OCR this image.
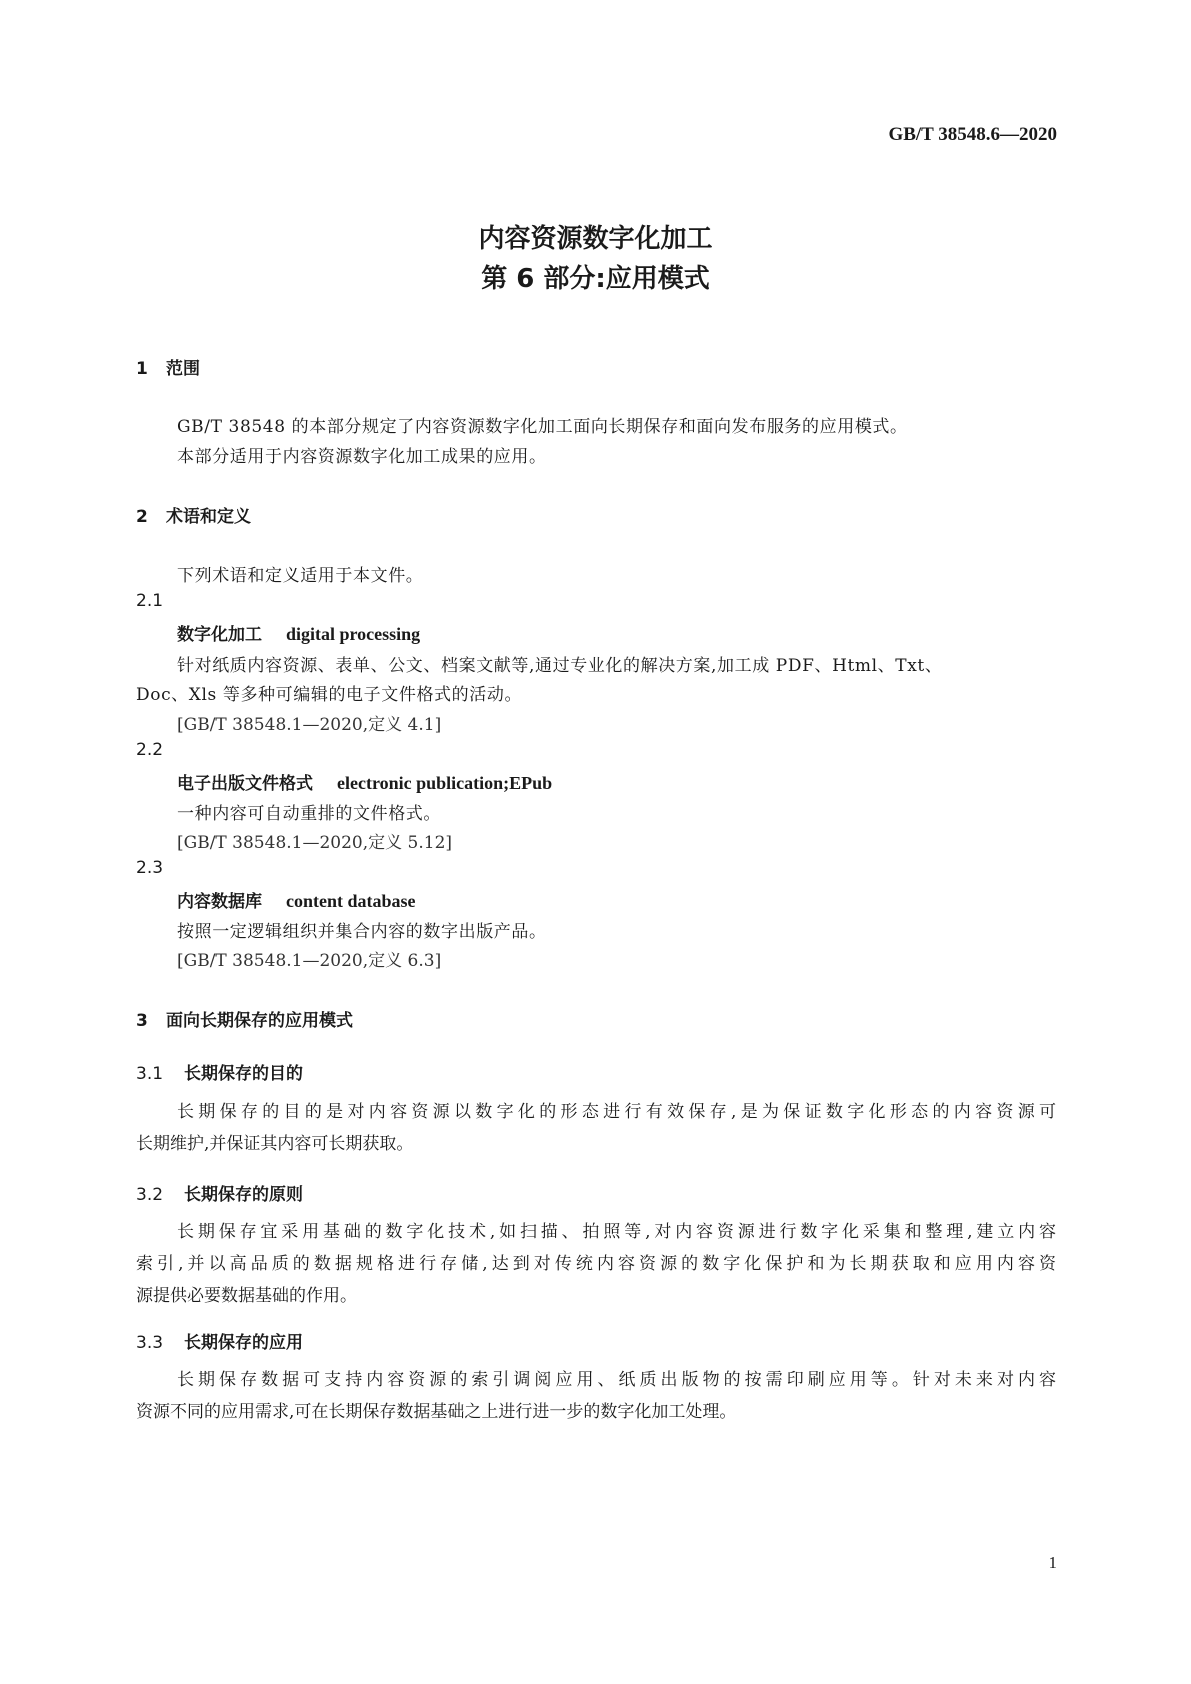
GB/T 38548.6—2020
内容资源数字化加工
第 6 部分:应用模式
1 范围
GB/T 38548 的本部分规定了内容资源数字化加工面向长期保存和面向发布服务的应用模式。
本部分适用于内容资源数字化加工成果的应用。
2 术语和定义
下列术语和定义适用于本文件。
2.1
数字化加工 digital processing
针对纸质内容资源、表单、公文、档案文献等,通过专业化的解决方案,加工成 PDF、Html、Txt、
Doc、Xls 等多种可编辑的电子文件格式的活动。
[GB/T 38548.1—2020,定义 4.1]
2.2
电子出版文件格式 electronic publication;EPub
一种内容可自动重排的文件格式。
[GB/T 38548.1—2020,定义 5.12]
2.3
内容数据库 content database
按照一定逻辑组织并集合内容的数字出版产品。
[GB/T 38548.1—2020,定义 6.3]
3 面向长期保存的应用模式
3.1 长期保存的目的
长期保存的目的是对内容资源以数字化的形态进行有效保存,是为保证数字化形态的内容资源可
长期维护,并保证其内容可长期获取。
3.2 长期保存的原则
长期保存宜采用基础的数字化技术,如扫描、拍照等,对内容资源进行数字化采集和整理,建立内容
索引,并以高品质的数据规格进行存储,达到对传统内容资源的数字化保护和为长期获取和应用内容资
源提供必要数据基础的作用。
3.3 长期保存的应用
长期保存数据可支持内容资源的索引调阅应用、纸质出版物的按需印刷应用等。针对未来对内容
资源不同的应用需求,可在长期保存数据基础之上进行进一步的数字化加工处理。
1
